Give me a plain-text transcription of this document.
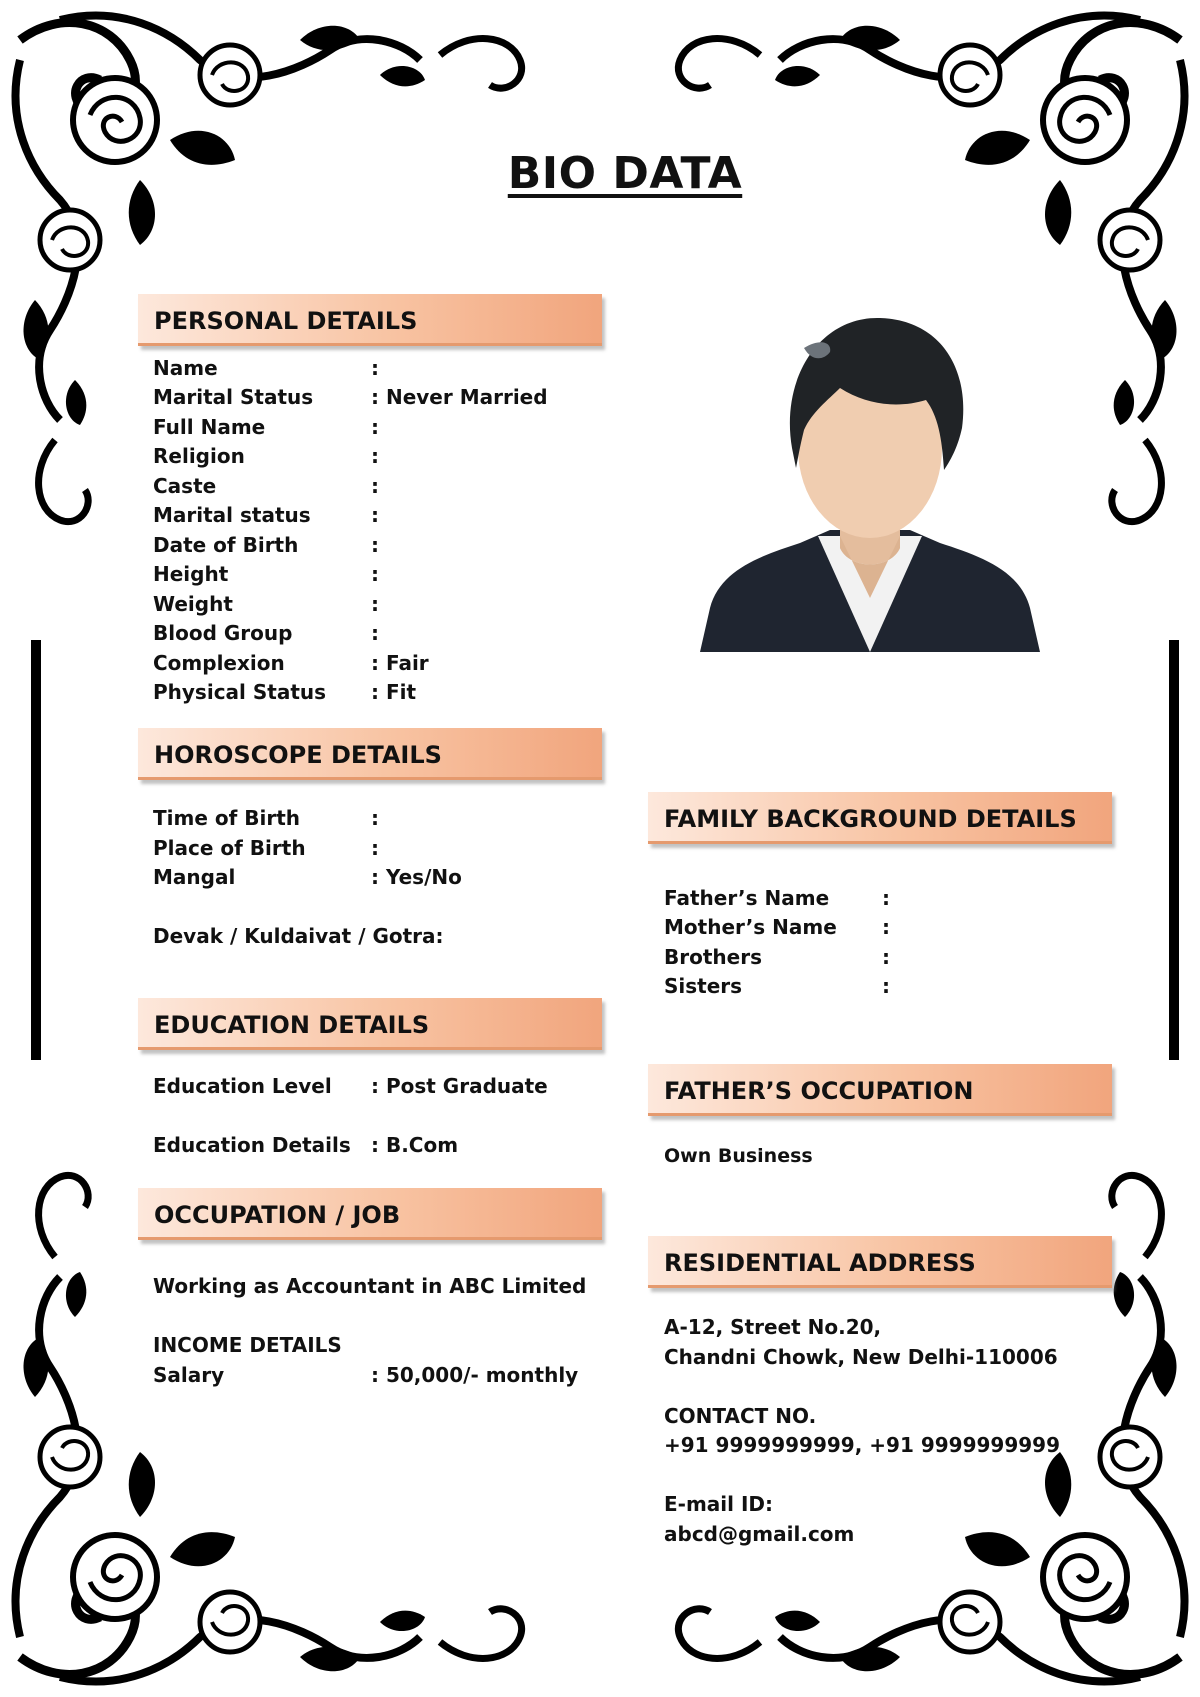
BIO DATA
PERSONAL DETAILS
Name	:
Marital Status	: Never Married
Full Name	:
Religion	:
Caste	:
Marital status	:
Date of Birth	:
Height	:
Weight	:
Blood Group	:
Complexion	: Fair
Physical Status : Fit
HOROSCOPE DETAILS
Time of Birth	:
Place of Birth	:
Mangal	: Yes/No
Devak / Kuldaivat / Gotra:
EDUCATION DETAILS
Education Level : Post Graduate
Education Details : B.Com
OCCUPATION / JOB
Working as Accountant in ABC Limited
INCOME DETAILS
Salary	: 50,000/- monthly
FAMILY BACKGROUND DETAILS
Father’s Name	:
Mother’s Name :
Brothers	:
Sisters	:
FATHER’S OCCUPATION
Own Business
RESIDENTIAL ADDRESS
A-12, Street No.20,
Chandni Chowk, New Delhi-110006
CONTACT NO.
+91 9999999999, +91 9999999999
E-mail ID:
abcd@gmail.com
